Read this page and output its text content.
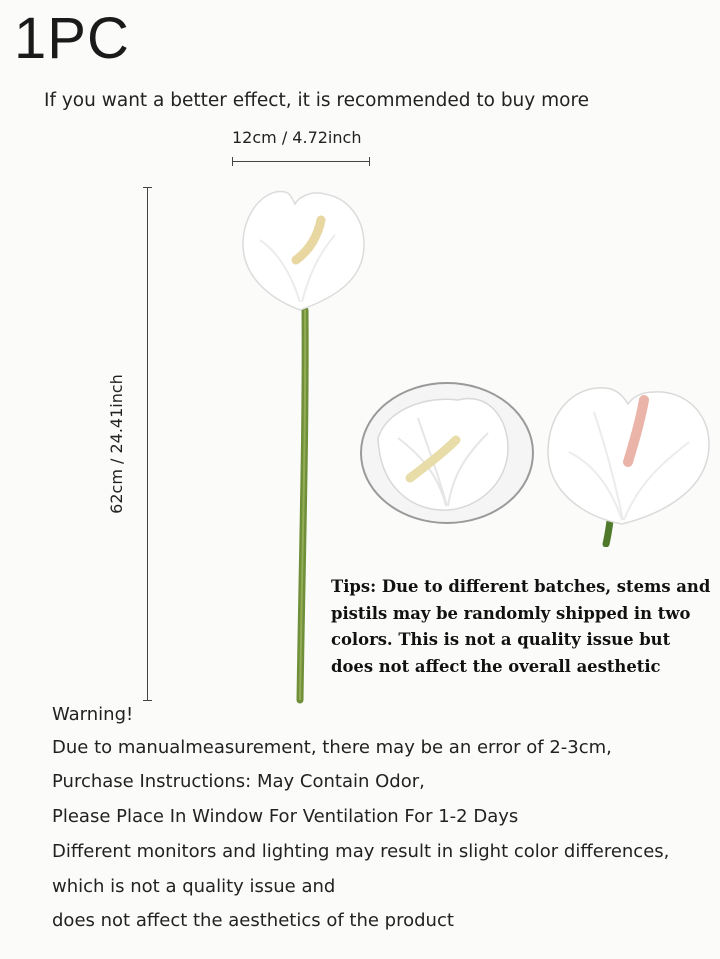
1PC
If you want a better effect, it is recommended to buy more
12cm / 4.72inch
62cm / 24.41inch
Tips: Due to different batches, stems and pistils may be randomly shipped in two colors. This is not a quality issue but does not affect the overall aesthetic
Warning!
Due to manualmeasurement, there may be an error of 2-3cm,
Purchase Instructions: May Contain Odor,
Please Place In Window For Ventilation For 1-2 Days
Different monitors and lighting may result in slight color differences,
which is not a quality issue and
does not affect the aesthetics of the product
